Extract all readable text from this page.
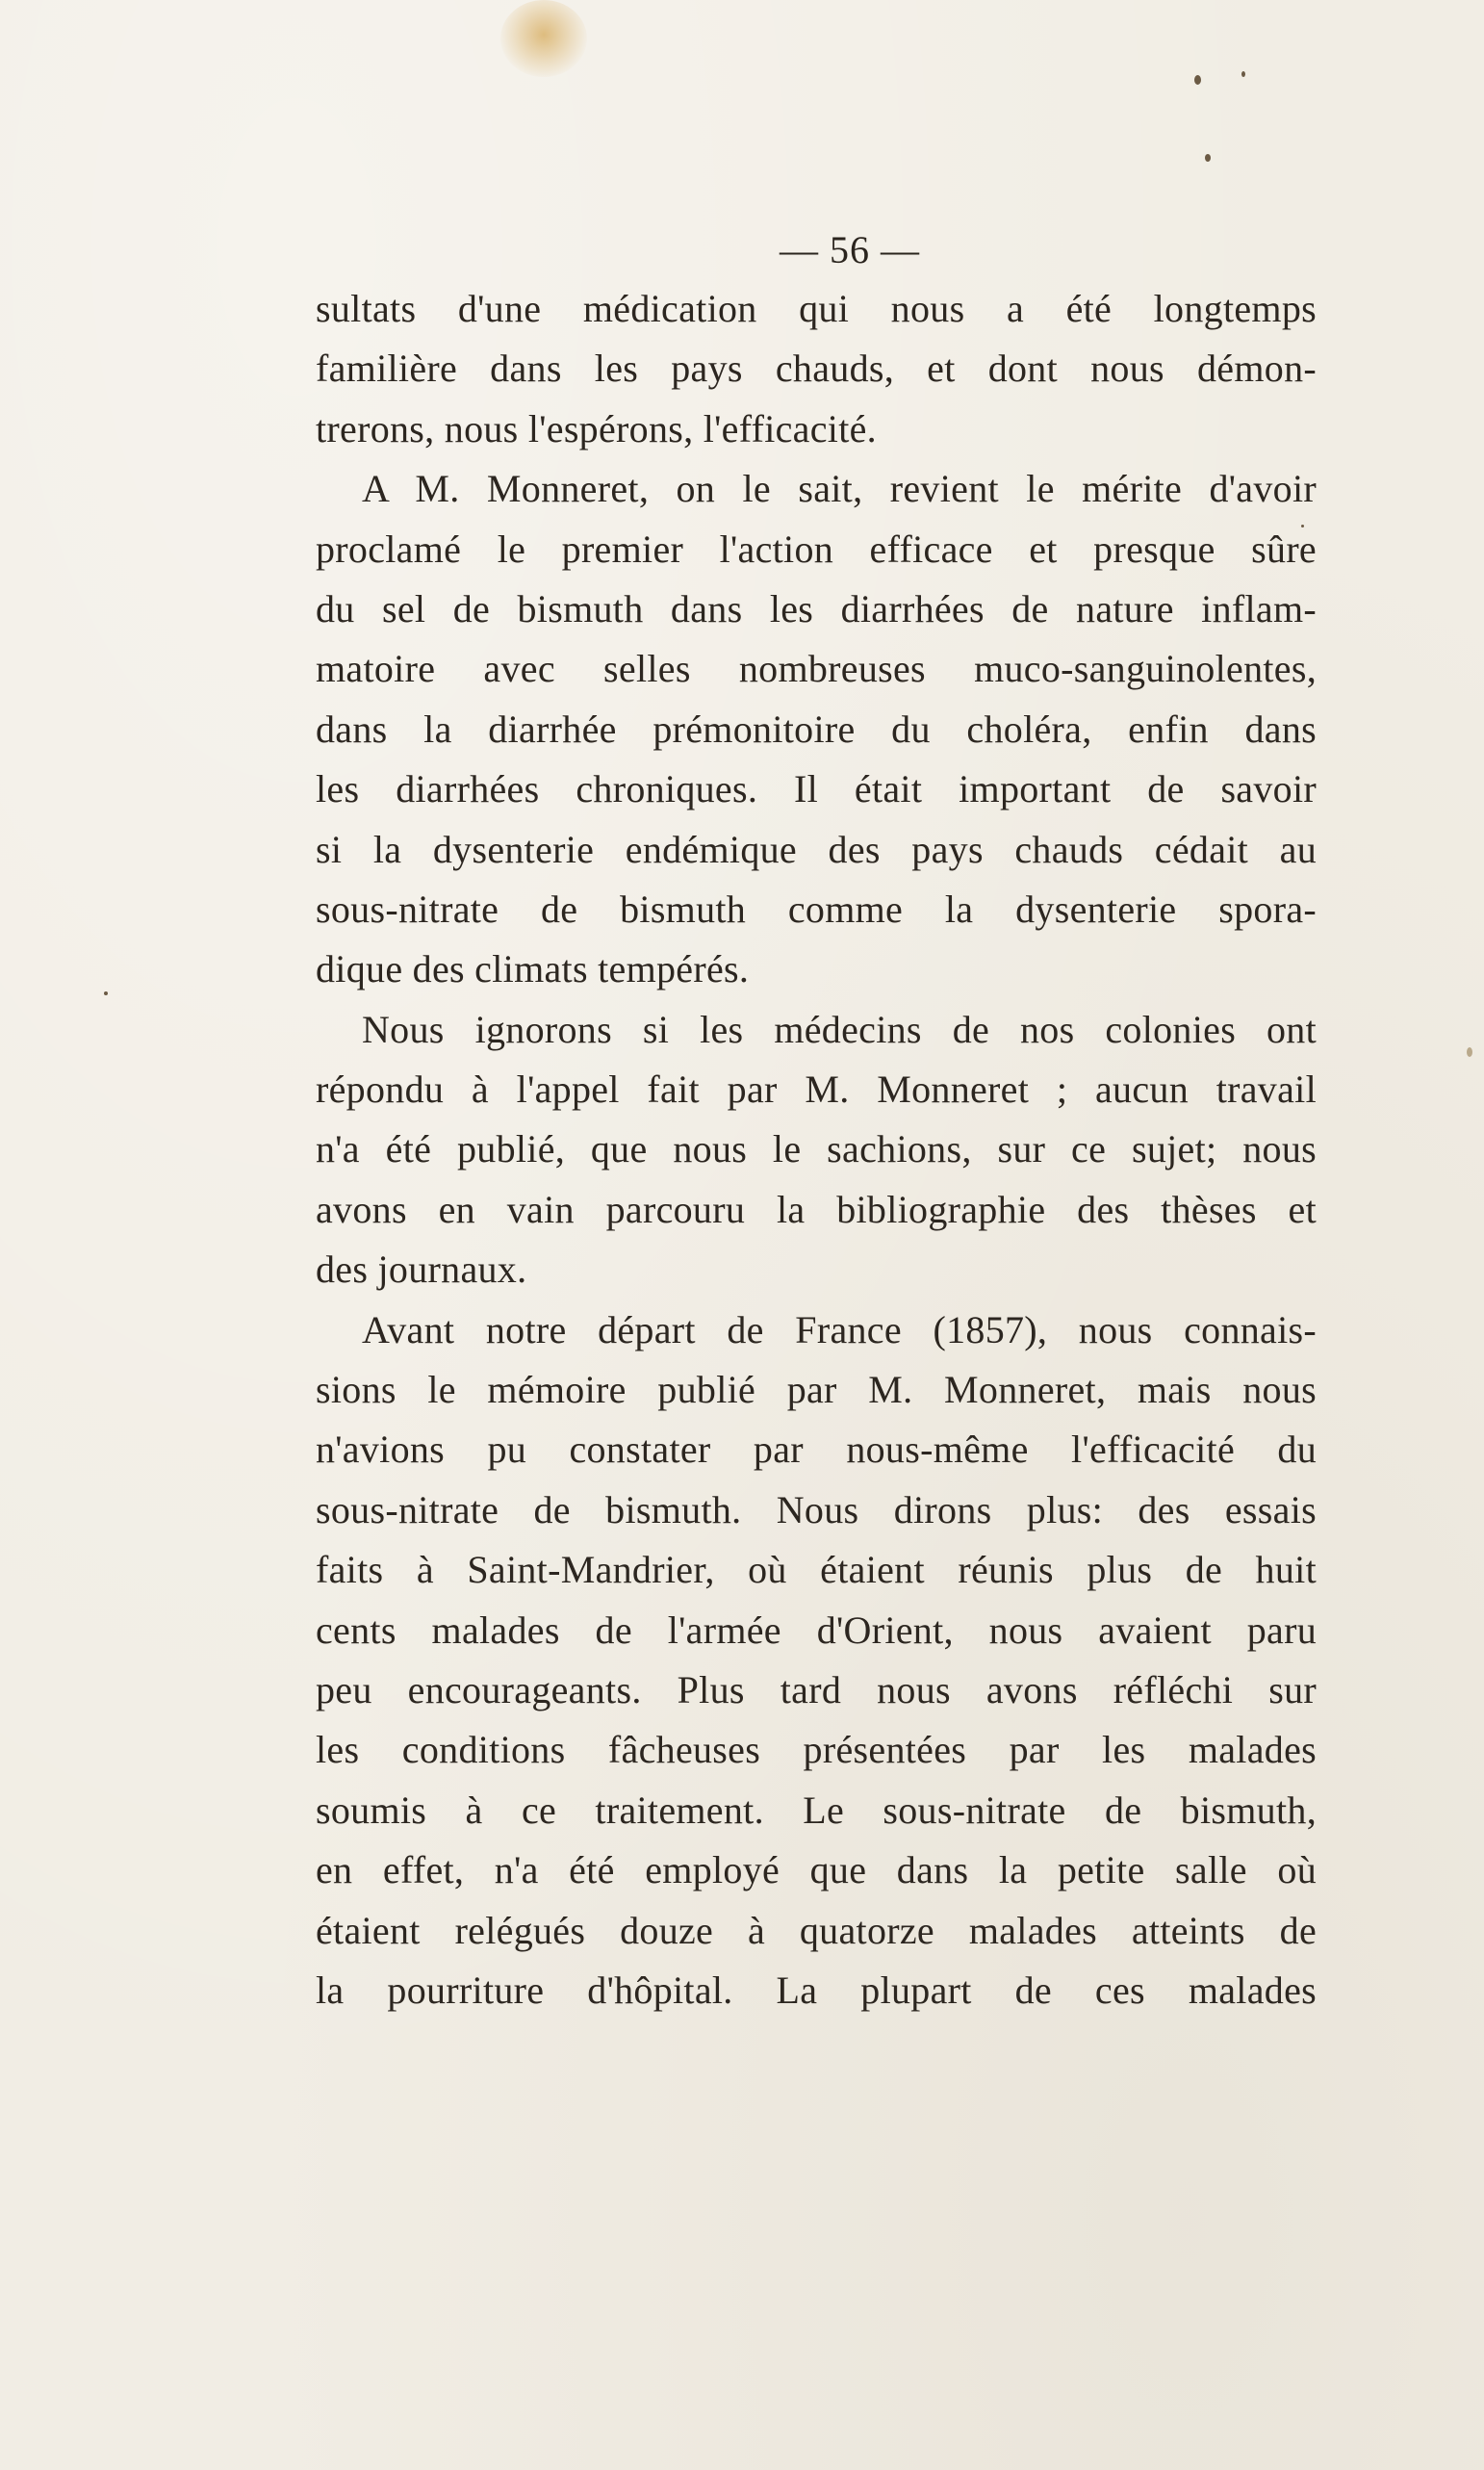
— 56 —
sultats d'une médication qui nous a été longtemps
familière dans les pays chauds, et dont nous démon-
trerons, nous l'espérons, l'efficacité.
A M. Monneret, on le sait, revient le mérite d'avoir
proclamé le premier l'action efficace et presque sûre
du sel de bismuth dans les diarrhées de nature inflam-
matoire avec selles nombreuses muco-sanguinolentes,
dans la diarrhée prémonitoire du choléra, enfin dans
les diarrhées chroniques. Il était important de savoir
si la dysenterie endémique des pays chauds cédait au
sous-nitrate de bismuth comme la dysenterie spora-
dique des climats tempérés.
Nous ignorons si les médecins de nos colonies ont
répondu à l'appel fait par M. Monneret ; aucun travail
n'a été publié, que nous le sachions, sur ce sujet; nous
avons en vain parcouru la bibliographie des thèses et
des journaux.
Avant notre départ de France (1857), nous connais-
sions le mémoire publié par M. Monneret, mais nous
n'avions pu constater par nous-même l'efficacité du
sous-nitrate de bismuth. Nous dirons plus: des essais
faits à Saint-Mandrier, où étaient réunis plus de huit
cents malades de l'armée d'Orient, nous avaient paru
peu encourageants. Plus tard nous avons réfléchi sur
les conditions fâcheuses présentées par les malades
soumis à ce traitement. Le sous-nitrate de bismuth,
en effet, n'a été employé que dans la petite salle où
étaient relégués douze à quatorze malades atteints de
la pourriture d'hôpital. La plupart de ces malades
